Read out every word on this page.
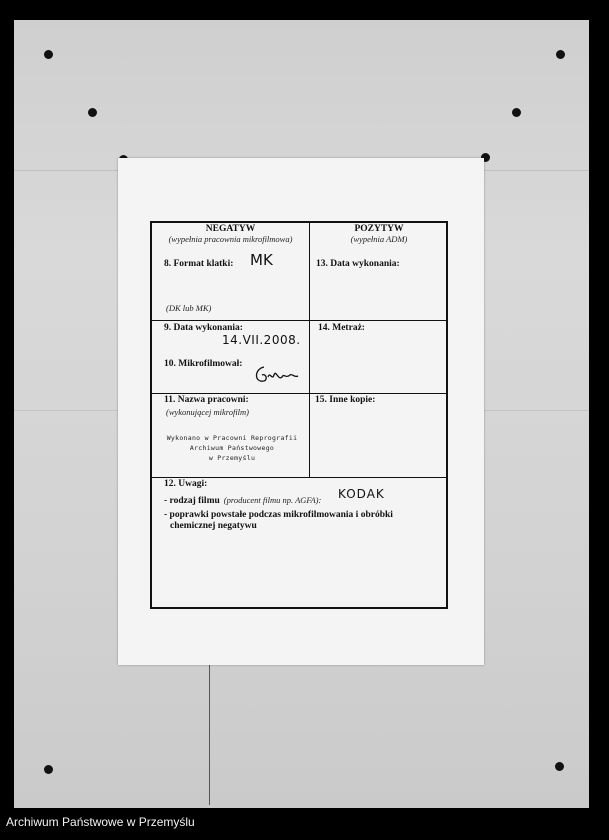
NEGATYW
(wypełnia pracownia mikrofilmowa)
POZYTYW
(wypełnia ADM)
8. Format klatki: MK
(DK lub MK)
13. Data wykonania:
9. Data wykonania:
14.VII.2008.
10. Mikrofilmował:
14. Metraż:
11. Nazwa pracowni:
(wykonującej mikrofilm)
Wykonano w Pracowni Reprografii
Archiwum Państwowego
w Przemyślu
15. Inne kopie:
12. Uwagi:
- rodzaj filmu (producent filmu np. AGFA): KODAK
- poprawki powstałe podczas mikrofilmowania i obróbki
chemicznej negatywu
Archiwum Państwowe w Przemyślu
